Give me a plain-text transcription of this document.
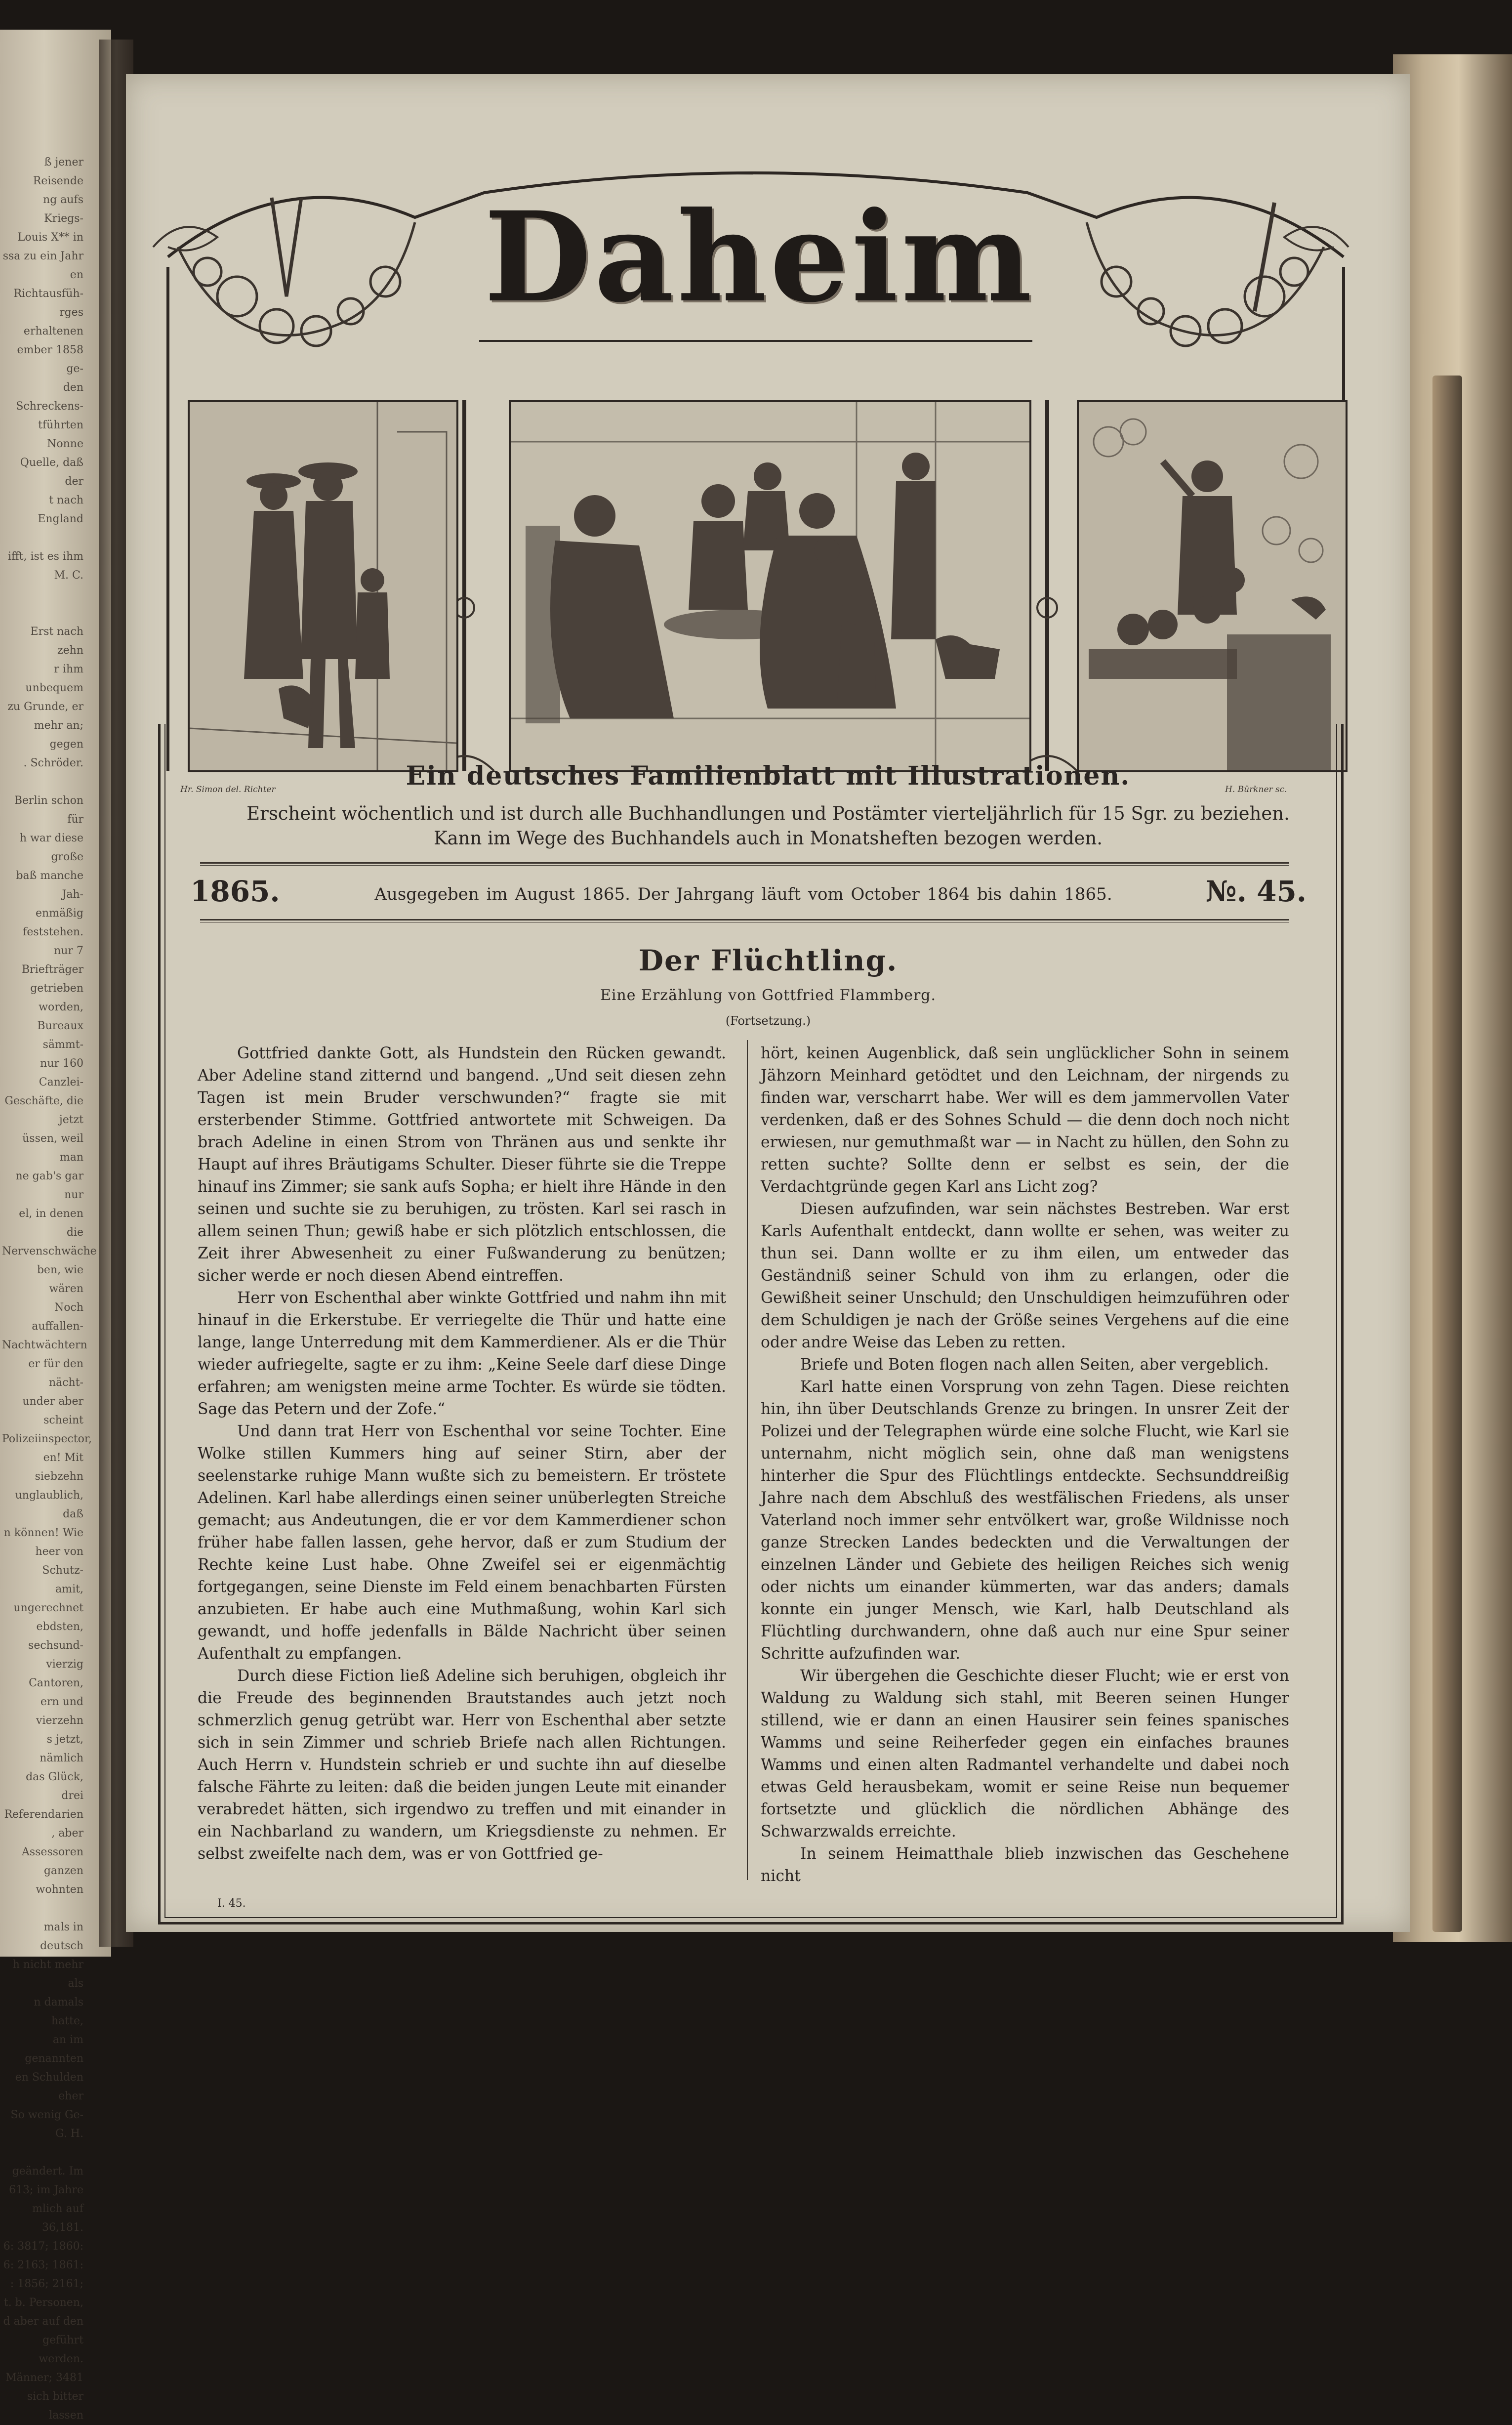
ß jener Reisende
ng aufs Kriegs-
Louis X** in
ssa zu ein Jahr
en Richtausfüh-
rges erhaltenen
ember 1858 ge-
den Schreckens-
tführten Nonne
Quelle, daß der
t nach England

ifft, ist es ihm
M. C.

Erst nach zehn
r ihm unbequem
zu Grunde, er
mehr an; gegen
. Schröder.

Berlin schon für
h war diese große
baß manche Jah-
enmäßig feststehen.
nur 7 Briefträger
getrieben worden,
Bureaux sämmt-
nur 160 Canzlei-
Geschäfte, die jetzt
üssen, weil man
ne gab's gar nur
el, in denen die
Nervenschwäche
ben, wie wären
Noch auffallen-
Nachtwächtern
er für den nächt-
under aber scheint
Polizeiinspector,
en! Mit siebzehn
unglaublich, daß
n können! Wie
heer von Schutz-
amit, ungerechnet
ebdsten, sechsund-
vierzig Cantoren,
ern und vierzehn
s jetzt, nämlich
das Glück, drei
Referendarien
, aber Assessoren
ganzen wohnten

mals in deutsch
h nicht mehr als
n damals hatte,
an im genannten
en Schulden eher
So wenig Ge-
G. H.

geändert. Im
613; im Jahre
mlich auf 36,181.
6: 3817; 1860:
6: 2163; 1861:
: 1856; 2161;
t. b. Personen,
d aber auf den
geführt werden.
Männer; 3481
sich bitter lassen
Daheim
Hr. Simon del. Richter	H. Bürkner sc.
Ein deutsches Familienblatt mit Illustrationen.
Erscheint wöchentlich und ist durch alle Buchhandlungen und Postämter vierteljährlich für 15 Sgr. zu beziehen.
Kann im Wege des Buchhandels auch in Monatsheften bezogen werden.
1865.	Ausgegeben im August 1865. Der Jahrgang läuft vom October 1864 bis dahin 1865.	№. 45.
Der Flüchtling.
Eine Erzählung von Gottfried Flammberg.
(Fortsetzung.)

Gottfried dankte Gott, als Hundstein den Rücken gewandt. Aber Adeline stand zitternd und bangend. „Und seit diesen zehn Tagen ist mein Bruder verschwunden?“ fragte sie mit ersterbender Stimme. Gottfried antwortete mit Schweigen. Da brach Adeline in einen Strom von Thränen aus und senkte ihr Haupt auf ihres Bräutigams Schulter. Dieser führte sie die Treppe hinauf ins Zimmer; sie sank aufs Sopha; er hielt ihre Hände in den seinen und suchte sie zu beruhigen, zu trösten. Karl sei rasch in allem seinen Thun; gewiß habe er sich plötzlich entschlossen, die Zeit ihrer Abwesenheit zu einer Fußwanderung zu benützen; sicher werde er noch diesen Abend eintreffen.

Herr von Eschenthal aber winkte Gottfried und nahm ihn mit hinauf in die Erkerstube. Er verriegelte die Thür und hatte eine lange, lange Unterredung mit dem Kammerdiener. Als er die Thür wieder aufriegelte, sagte er zu ihm: „Keine Seele darf diese Dinge erfahren; am wenigsten meine arme Tochter. Es würde sie tödten. Sage das Petern und der Zofe.“

Und dann trat Herr von Eschenthal vor seine Tochter. Eine Wolke stillen Kummers hing auf seiner Stirn, aber der seelenstarke ruhige Mann wußte sich zu bemeistern. Er tröstete Adelinen. Karl habe allerdings einen seiner unüberlegten Streiche gemacht; aus Andeutungen, die er vor dem Kammerdiener schon früher habe fallen lassen, gehe hervor, daß er zum Studium der Rechte keine Lust habe. Ohne Zweifel sei er eigenmächtig fortgegangen, seine Dienste im Feld einem benachbarten Fürsten anzubieten. Er habe auch eine Muthmaßung, wohin Karl sich gewandt, und hoffe jedenfalls in Bälde Nachricht über seinen Aufenthalt zu empfangen.

Durch diese Fiction ließ Adeline sich beruhigen, obgleich ihr die Freude des beginnenden Brautstandes auch jetzt noch schmerzlich genug getrübt war. Herr von Eschenthal aber setzte sich in sein Zimmer und schrieb Briefe nach allen Richtungen. Auch Herrn v. Hundstein schrieb er und suchte ihn auf dieselbe falsche Fährte zu leiten: daß die beiden jungen Leute mit einander verabredet hätten, sich irgendwo zu treffen und mit einander in ein Nachbarland zu wandern, um Kriegsdienste zu nehmen. Er selbst zweifelte nach dem, was er von Gottfried ge-

hört, keinen Augenblick, daß sein unglücklicher Sohn in seinem Jähzorn Meinhard getödtet und den Leichnam, der nirgends zu finden war, verscharrt habe. Wer will es dem jammervollen Vater verdenken, daß er des Sohnes Schuld — die denn doch noch nicht erwiesen, nur gemuthmaßt war — in Nacht zu hüllen, den Sohn zu retten suchte? Sollte denn er selbst es sein, der die Verdachtgründe gegen Karl ans Licht zog?

Diesen aufzufinden, war sein nächstes Bestreben. War erst Karls Aufenthalt entdeckt, dann wollte er sehen, was weiter zu thun sei. Dann wollte er zu ihm eilen, um entweder das Geständniß seiner Schuld von ihm zu erlangen, oder die Gewißheit seiner Unschuld; den Unschuldigen heimzuführen oder dem Schuldigen je nach der Größe seines Vergehens auf die eine oder andre Weise das Leben zu retten.

Briefe und Boten flogen nach allen Seiten, aber vergeblich.

Karl hatte einen Vorsprung von zehn Tagen. Diese reichten hin, ihn über Deutschlands Grenze zu bringen. In unsrer Zeit der Polizei und der Telegraphen würde eine solche Flucht, wie Karl sie unternahm, nicht möglich sein, ohne daß man wenigstens hinterher die Spur des Flüchtlings entdeckte. Sechsunddreißig Jahre nach dem Abschluß des westfälischen Friedens, als unser Vaterland noch immer sehr entvölkert war, große Wildnisse noch ganze Strecken Landes bedeckten und die Verwaltungen der einzelnen Länder und Gebiete des heiligen Reiches sich wenig oder nichts um einander kümmerten, war das anders; damals konnte ein junger Mensch, wie Karl, halb Deutschland als Flüchtling durchwandern, ohne daß auch nur eine Spur seiner Schritte aufzufinden war.

Wir übergehen die Geschichte dieser Flucht; wie er erst von Waldung zu Waldung sich stahl, mit Beeren seinen Hunger stillend, wie er dann an einen Hausirer sein feines spanisches Wamms und seine Reiherfeder gegen ein einfaches braunes Wamms und einen alten Radmantel verhandelte und dabei noch etwas Geld herausbekam, womit er seine Reise nun bequemer fortsetzte und glücklich die nördlichen Abhänge des Schwarzwalds erreichte.

In seinem Heimatthale blieb inzwischen das Geschehene nicht

I. 45.
